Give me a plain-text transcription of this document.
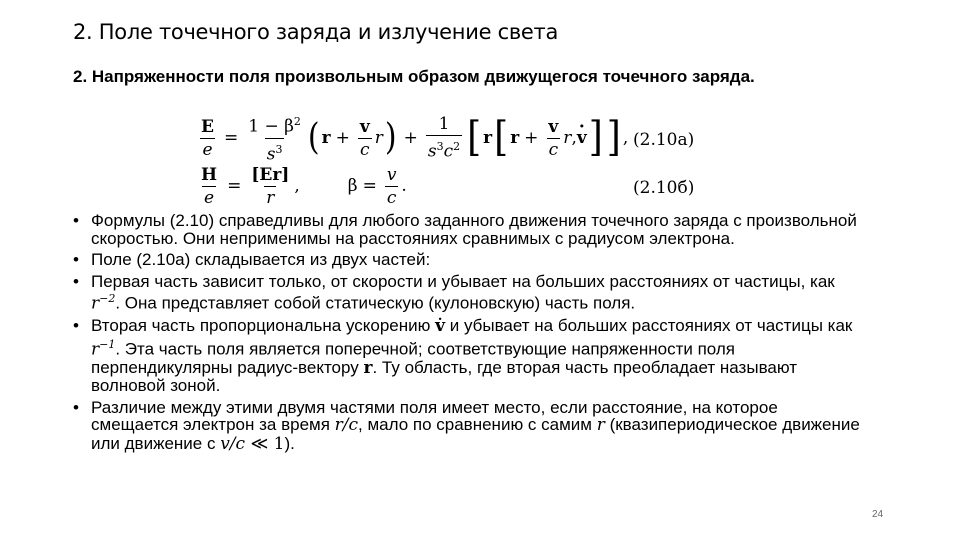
2. Поле точечного заряда и излучение света
2. Напряженности поля произвольным образом движущегося точечного заряда.
$\frac{E}{e} = \frac{1 - \beta^2}{s^3}$ ( $r + \frac{v}{c}$ r ) + $\frac{1}{s^3c^2}$ [ r [ $r + \frac{v}{c}$ r ,
· v ] ] , (2.10а)
$\frac{H}{e} = \frac{[Er]}{r}$ ,	$\beta = \frac{v}{c}$ .	(2.10б)
• Формулы (2.10) справедливы для любого заданного движения точечного заряда с произвольной скоростью. Они неприменимы на расстояниях сравнимых с радиусом электрона.
• Поле (2.10а) складывается из двух частей:
• Первая часть зависит только, от скорости и убывает на больших расстояниях от частицы, как $r^{-2}$. Она представляет собой статическую (кулоновскую) часть поля.
• Вторая часть пропорциональна ускорению v̇ и убывает на больших расстояниях от частицы как $r^{-1}$. Эта часть поля является поперечной; соответствующие напряженности поля перпендикулярны радиус-вектору r. Ту область, где вторая часть преобладает называют волновой зоной.
• Различие между этими двумя частями поля имеет место, если расстояние, на которое смещается электрон за время r/c, мало по сравнению с самим r (квазипериодическое движение или движение с v/c ≪ 1).
24
